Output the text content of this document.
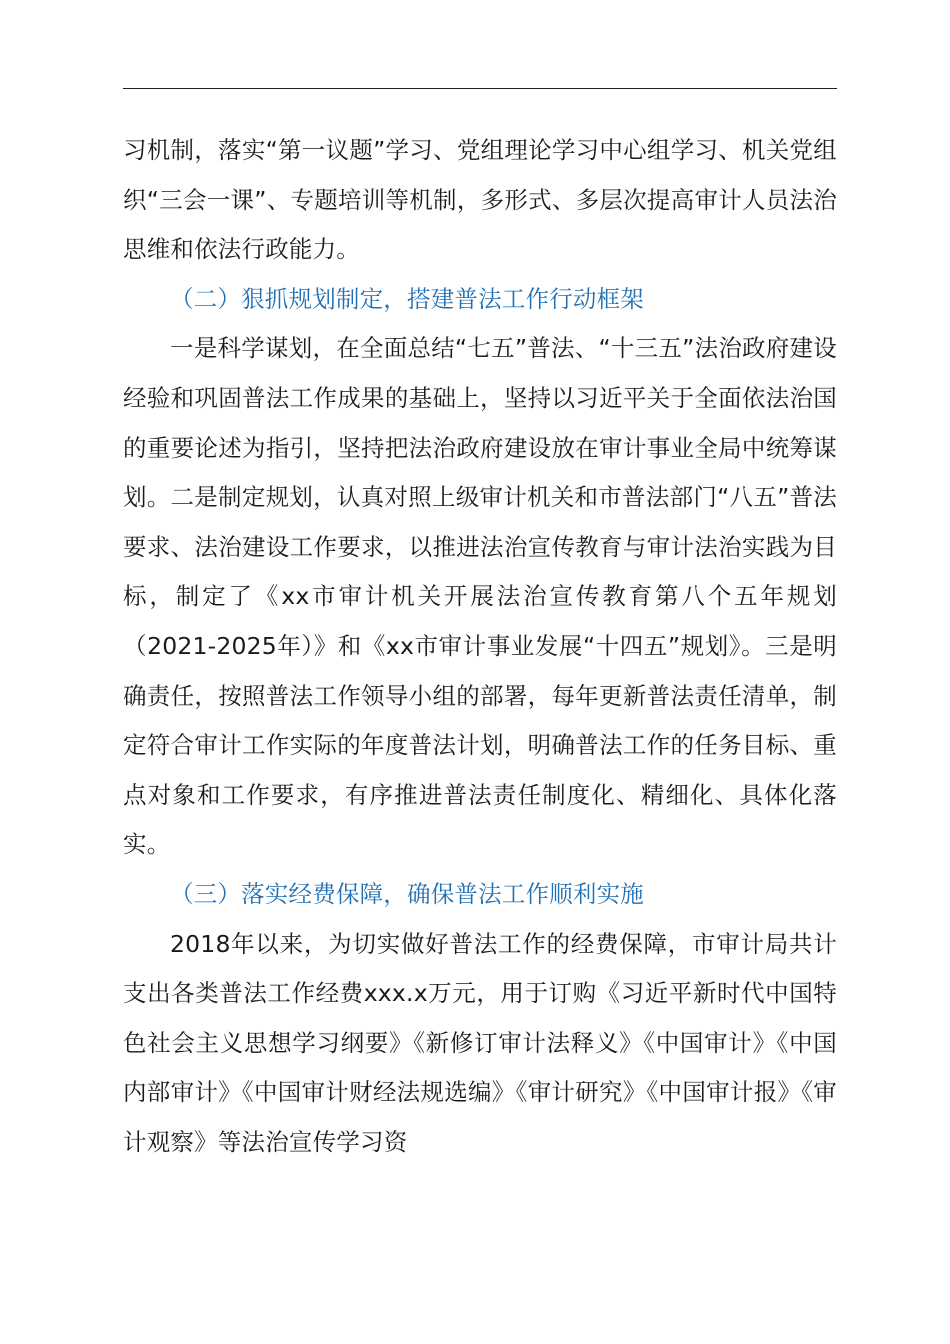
习机制，落实“第一议题”学习、党组理论学习中心组学习、机关党组织“三会一课”、专题培训等机制，多形式、多层次提高审计人员法治思维和依法行政能力。

（二）狠抓规划制定，搭建普法工作行动框架

一是科学谋划，在全面总结“七五”普法、“十三五”法治政府建设经验和巩固普法工作成果的基础上，坚持以习近平关于全面依法治国的重要论述为指引，坚持把法治政府建设放在审计事业全局中统筹谋划。二是制定规划，认真对照上级审计机关和市普法部门“八五”普法要求、法治建设工作要求，以推进法治宣传教育与审计法治实践为目标，制定了《xx市审计机关开展法治宣传教育第八个五年规划（2021-2025年）》和《xx市审计事业发展“十四五”规划》。三是明确责任，按照普法工作领导小组的部署，每年更新普法责任清单，制定符合审计工作实际的年度普法计划，明确普法工作的任务目标、重点对象和工作要求，有序推进普法责任制度化、精细化、具体化落实。

（三）落实经费保障，确保普法工作顺利实施

2018年以来，为切实做好普法工作的经费保障，市审计局共计支出各类普法工作经费xxx.x万元，用于订购《习近平新时代中国特色社会主义思想学习纲要》《新修订审计法释义》《中国审计》《中国内部审计》《中国审计财经法规选编》《审计研究》《中国审计报》《审计观察》等法治宣传学习资
